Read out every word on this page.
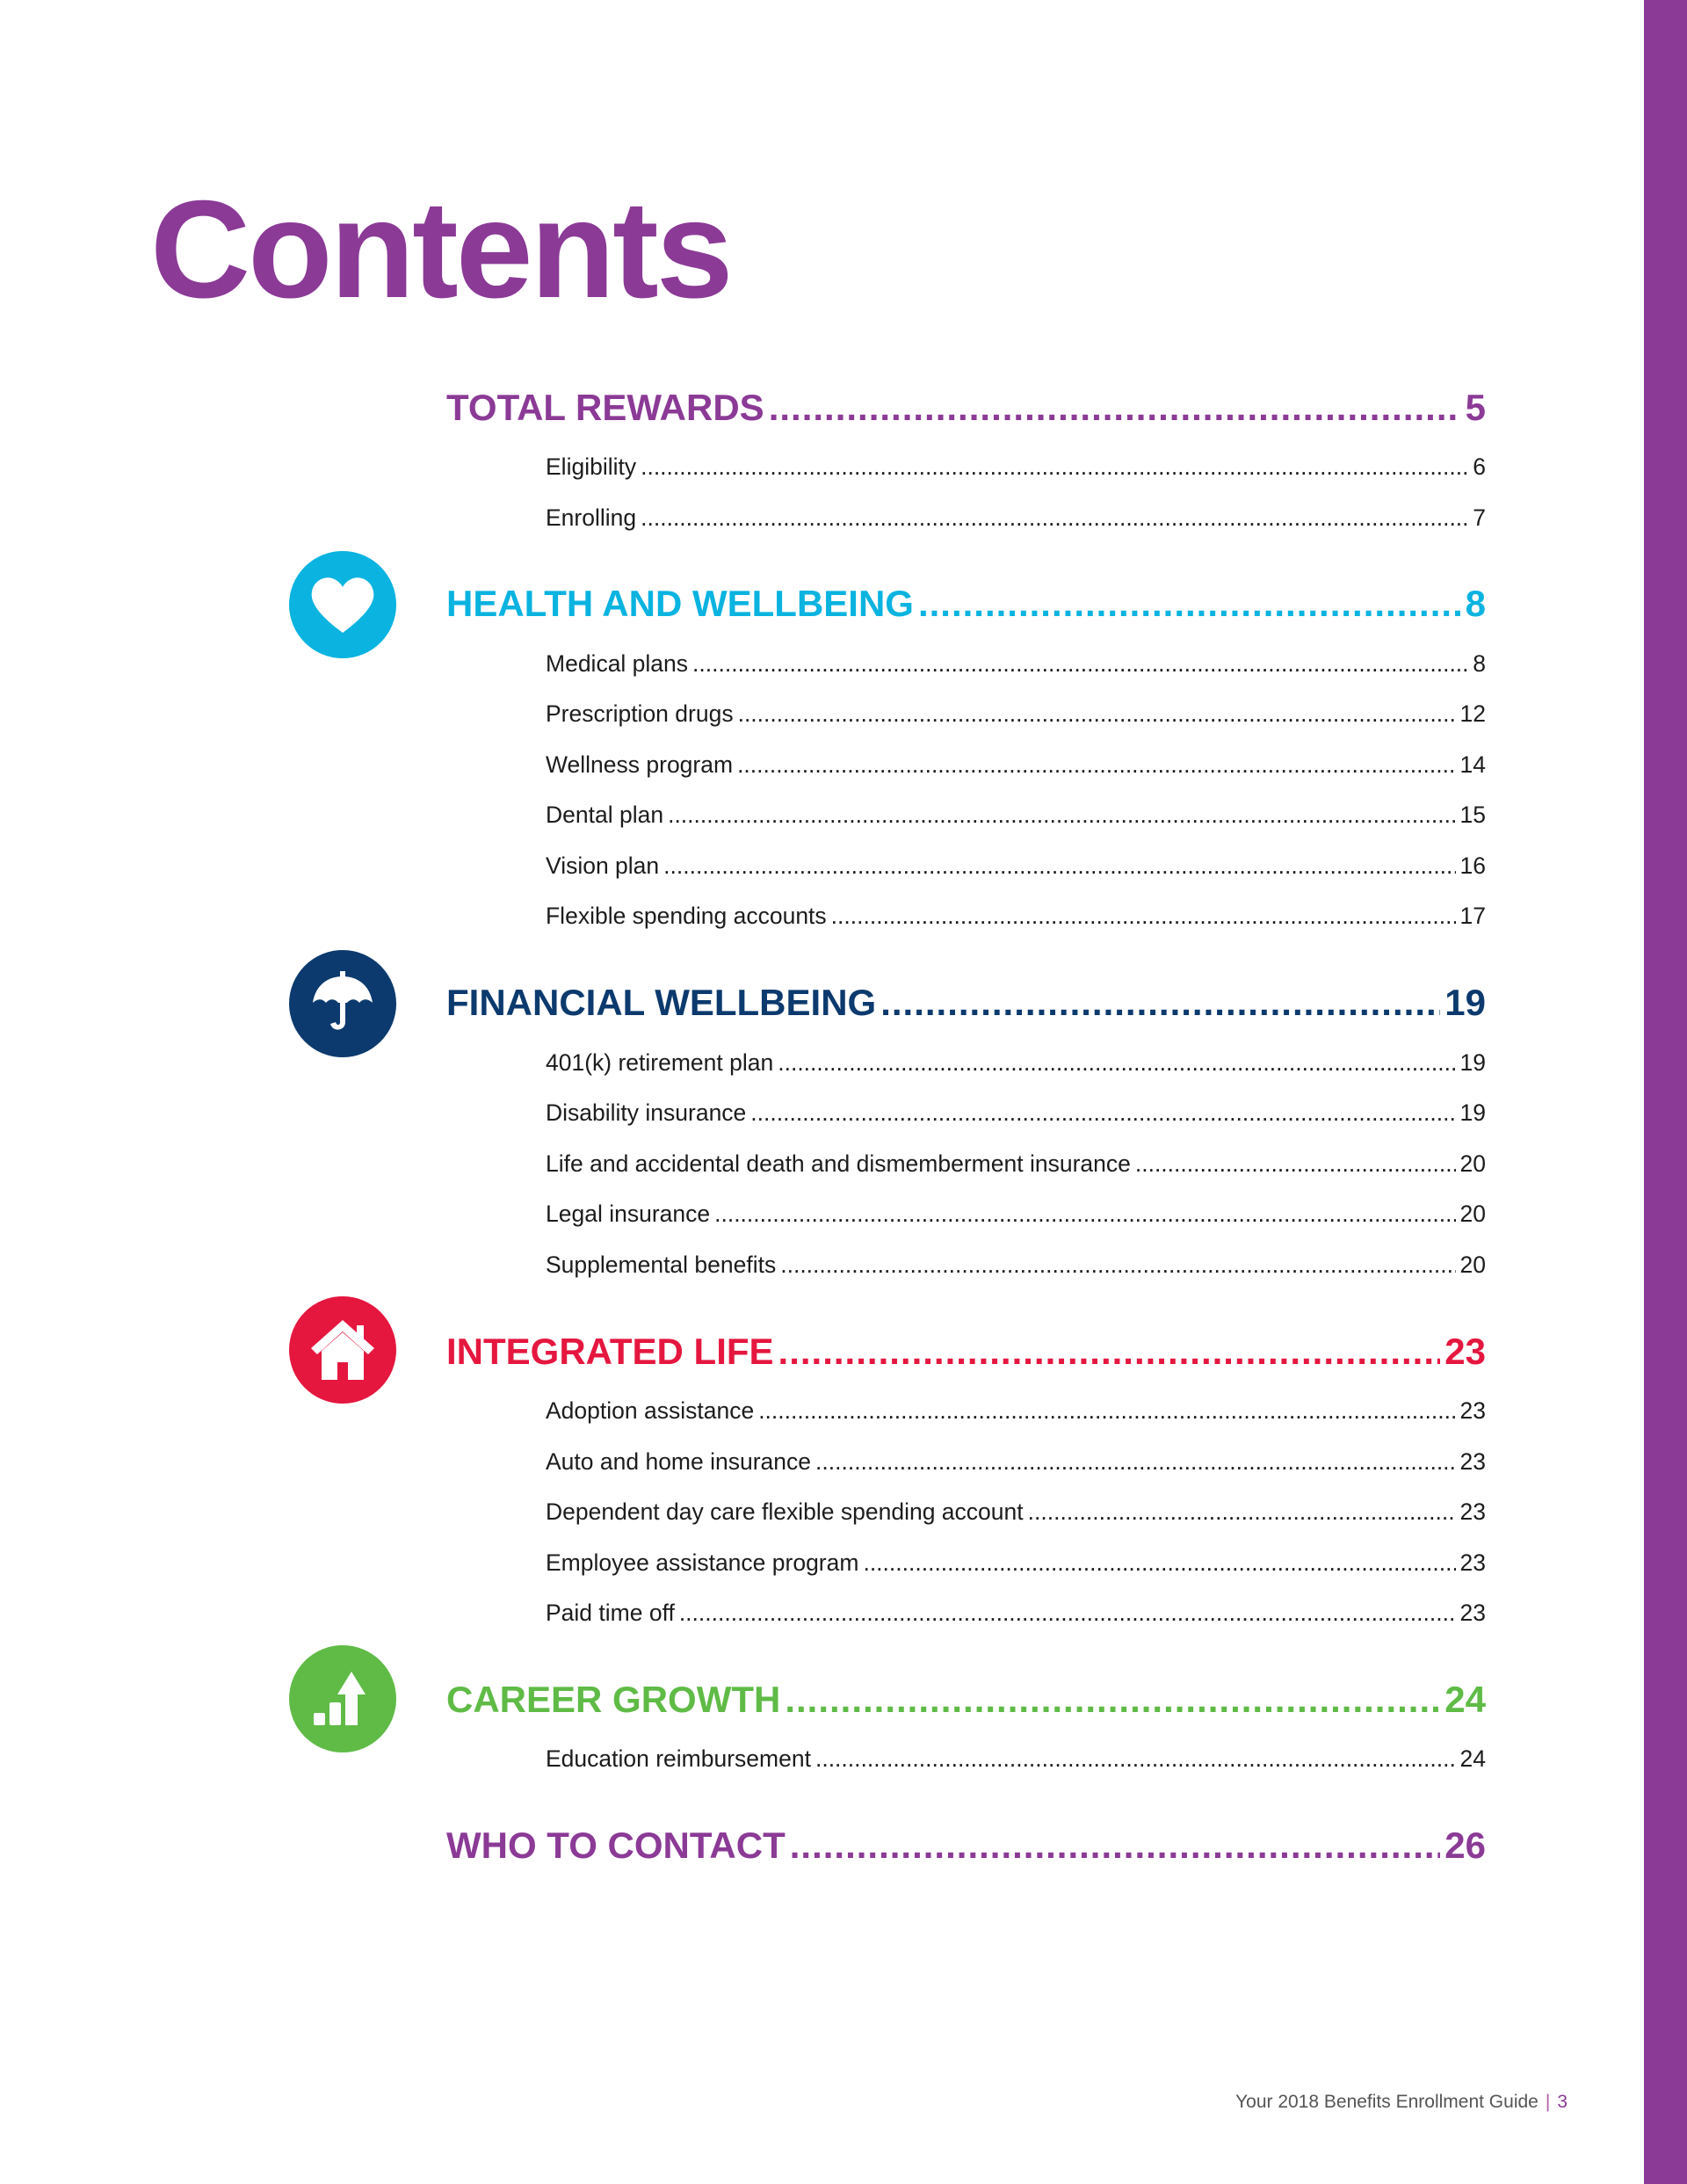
Contents
TOTAL REWARDS .....	5
Eligibility .....	6
Enrolling .....	7
HEALTH AND WELLBEING .....	8
Medical plans .....	8
Prescription drugs .....	12
Wellness program .....	14
Dental plan .....	15
Vision plan .....	16
Flexible spending accounts .....	17
FINANCIAL WELLBEING .....	19
401(k) retirement plan .....	19
Disability insurance .....	19
Life and accidental death and dismemberment insurance .....	20
Legal insurance .....	20
Supplemental benefits .....	20
INTEGRATED LIFE .....	23
Adoption assistance .....	23
Auto and home insurance .....	23
Dependent day care flexible spending account .....	23
Employee assistance program .....	23
Paid time off .....	23
CAREER GROWTH .....	24
Education reimbursement .....	24
WHO TO CONTACT .....	26
Your 2018 Benefits Enrollment Guide | 3
